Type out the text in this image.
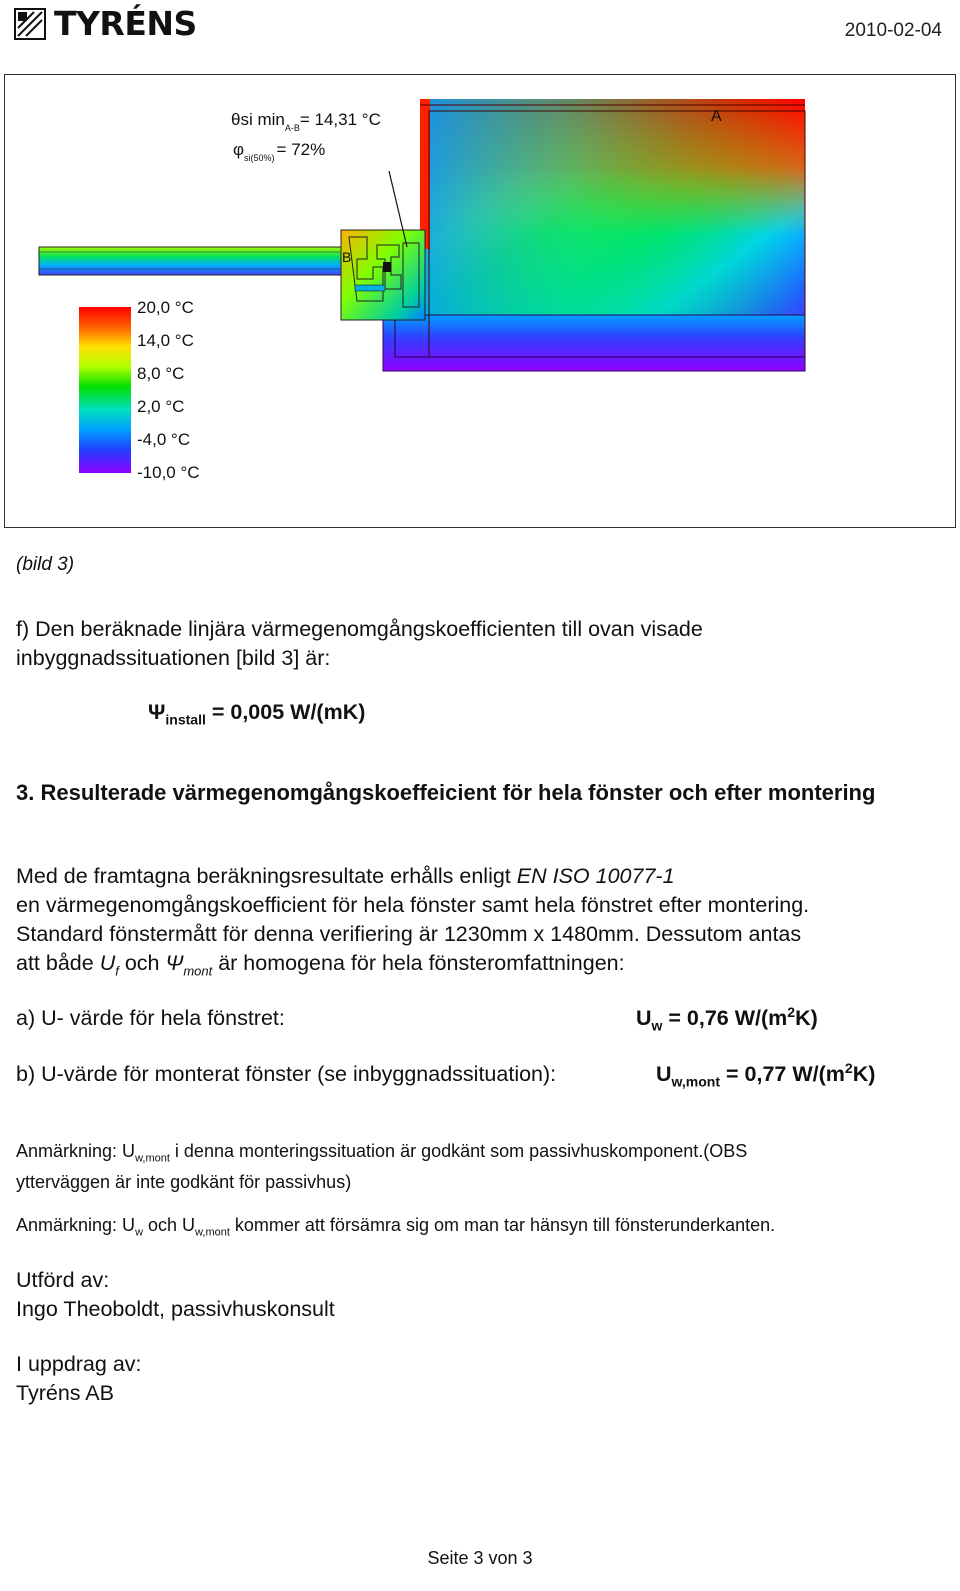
TYRÉNS	2010-02-04
θsi $\min_{A-B}= 14,31$ °C
$\varphi_{si(50\%)} = 72\%$
A
B
20,0 °C
14,0 °C
8,0 °C
2,0 °C
-4,0 °C
-10,0 °C
(bild 3)
f) Den beräknade linjära värmegenomgångskoefficienten till ovan visade
inbyggnadssituationen [bild 3] är:
$\Psi_{install} = 0,005$ W/(mK)
3. Resulterade värmegenomgångskoeffeicient för hela fönster och efter montering
Med de framtagna beräkningsresultate erhålls enligt EN ISO 10077-1
en värmegenomgångskoefficient för hela fönster samt hela fönstret efter montering.
Standard fönstermått för denna verifiering är 1230mm x 1480mm. Dessutom antas
att både $U_f$ och $\Psi_{mont}$ är homogena för hela fönsteromfattningen:
a) U- värde för hela fönstret:	$U_w = 0,76$ $W/(m^2K)$
b) U-värde för monterat fönster (se inbyggnadssituation):	$U_{w,mont} = 0,77$ $W/(m^2K)$
Anmärkning: $U_{w,mont}$ i denna monteringssituation är godkänt som passivhuskomponent.(OBS
ytterväggen är inte godkänt för passivhus)
Anmärkning: $U_w$ och $U_{w,mont}$ kommer att försämra sig om man tar hänsyn till fönsterunderkanten.
Utförd av:
Ingo Theoboldt, passivhuskonsult
I uppdrag av:
Tyréns AB
Seite 3 von 3
